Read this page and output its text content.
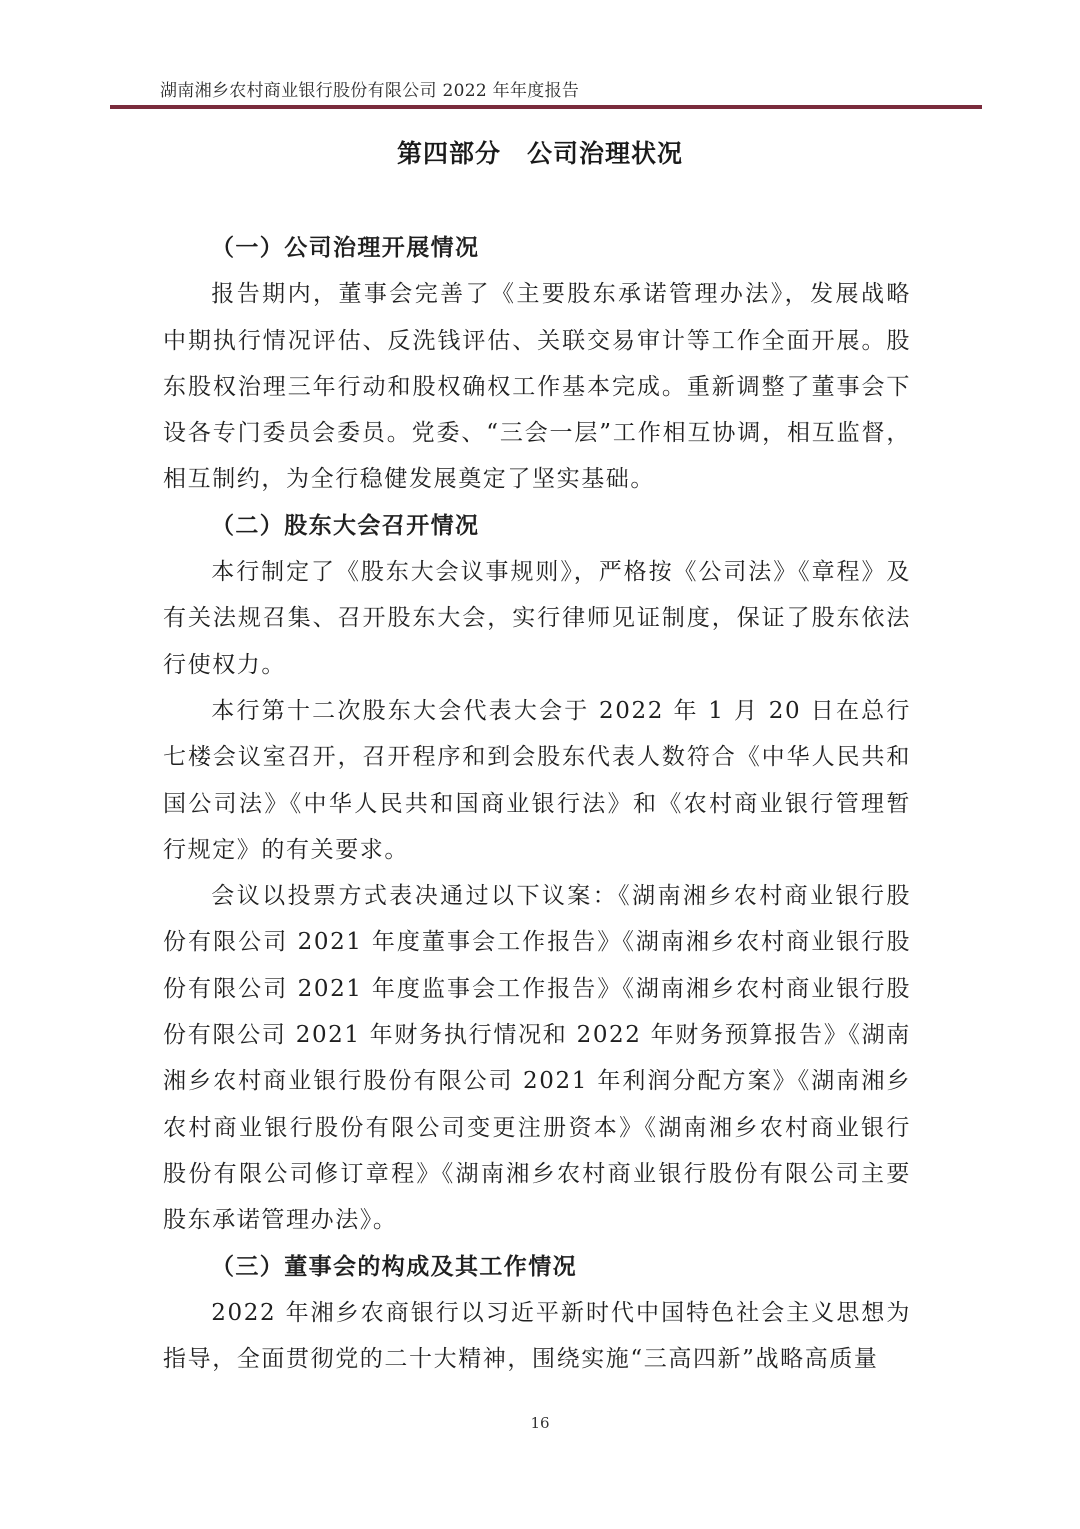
湖南湘乡农村商业银行股份有限公司 2022 年年度报告
第四部分　公司治理状况
（一）公司治理开展情况

报告期内，董事会完善了《主要股东承诺管理办法》，发展战略中期执行情况评估、反洗钱评估、关联交易审计等工作全面开展。股东股权治理三年行动和股权确权工作基本完成。重新调整了董事会下设各专门委员会委员。党委、“三会一层”工作相互协调，相互监督，相互制约，为全行稳健发展奠定了坚实基础。

（二）股东大会召开情况

本行制定了《股东大会议事规则》，严格按《公司法》《章程》及有关法规召集、召开股东大会，实行律师见证制度，保证了股东依法行使权力。

本行第十二次股东大会代表大会于 2022 年 1 月 20 日在总行七楼会议室召开，召开程序和到会股东代表人数符合《中华人民共和国公司法》《中华人民共和国商业银行法》和《农村商业银行管理暂行规定》的有关要求。

会议以投票方式表决通过以下议案：《湖南湘乡农村商业银行股份有限公司 2021 年度董事会工作报告》《湖南湘乡农村商业银行股份有限公司 2021 年度监事会工作报告》《湖南湘乡农村商业银行股份有限公司 2021 年财务执行情况和 2022 年财务预算报告》《湖南湘乡农村商业银行股份有限公司 2021 年利润分配方案》《湖南湘乡农村商业银行股份有限公司变更注册资本》《湖南湘乡农村商业银行股份有限公司修订章程》《湖南湘乡农村商业银行股份有限公司主要股东承诺管理办法》。

（三）董事会的构成及其工作情况

2022 年湘乡农商银行以习近平新时代中国特色社会主义思想为指导，全面贯彻党的二十大精神，围绕实施“三高四新”战略高质量

16
